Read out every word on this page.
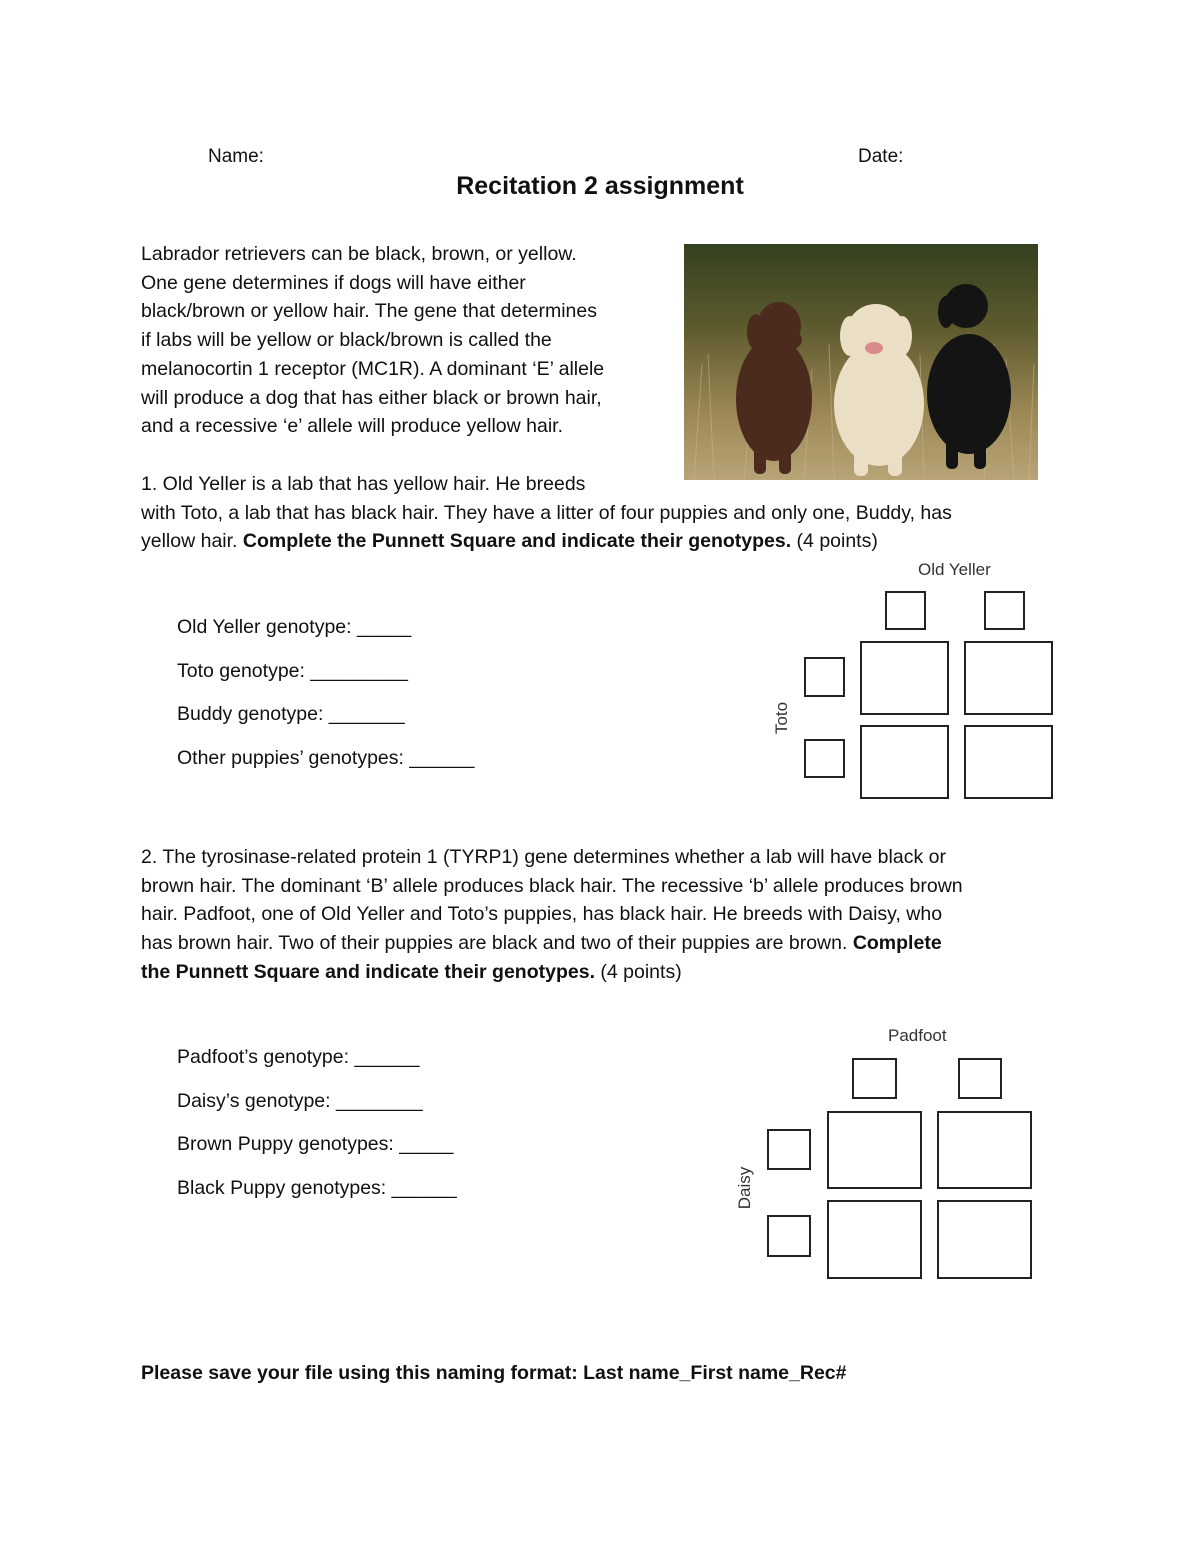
Name:	Date:
Recitation 2 assignment
Labrador retrievers can be black, brown, or yellow.
One gene determines if dogs will have either
black/brown or yellow hair. The gene that determines
if labs will be yellow or black/brown is called the
melanocortin 1 receptor (MC1R). A dominant ‘E’ allele
will produce a dog that has either black or brown hair,
and a recessive ‘e’ allele will produce yellow hair.
1. Old Yeller is a lab that has yellow hair. He breeds
with Toto, a lab that has black hair. They have a litter of four puppies and only one, Buddy, has
yellow hair. Complete the Punnett Square and indicate their genotypes. (4 points)
Old Yeller genotype: _____
Toto genotype: _________
Buddy genotype: _______
Other puppies’ genotypes: ______
Old Yeller
Toto
2. The tyrosinase-related protein 1 (TYRP1) gene determines whether a lab will have black or
brown hair. The dominant ‘B’ allele produces black hair. The recessive ‘b’ allele produces brown
hair. Padfoot, one of Old Yeller and Toto’s puppies, has black hair. He breeds with Daisy, who
has brown hair. Two of their puppies are black and two of their puppies are brown. Complete
the Punnett Square and indicate their genotypes. (4 points)
Padfoot’s genotype: ______
Daisy’s genotype: ________
Brown Puppy genotypes: _____
Black Puppy genotypes: ______
Padfoot
Daisy
Please save your file using this naming format: Last name_First name_Rec#
